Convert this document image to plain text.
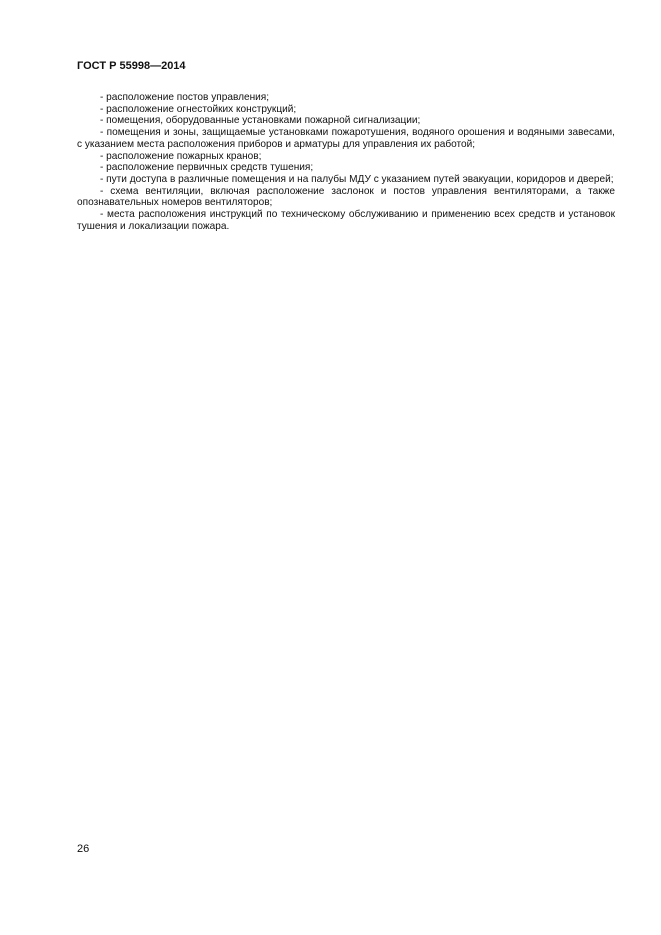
ГОСТ Р 55998—2014

- расположение постов управления;

- расположение огнестойких конструкций;

- помещения, оборудованные установками пожарной сигнализации;

- помещения и зоны, защищаемые установками пожаротушения, водяного орошения и водяными завесами, с указанием места расположения приборов и арматуры для управления их работой;

- расположение пожарных кранов;

- расположение первичных средств тушения;

- пути доступа в различные помещения и на палубы МДУ с указанием путей эвакуации, коридоров и дверей;

- схема вентиляции, включая расположение заслонок и постов управления вентиляторами, а также опознавательных номеров вентиляторов;

- места расположения инструкций по техническому обслуживанию и применению всех средств и установок тушения и локализации пожара.

26
